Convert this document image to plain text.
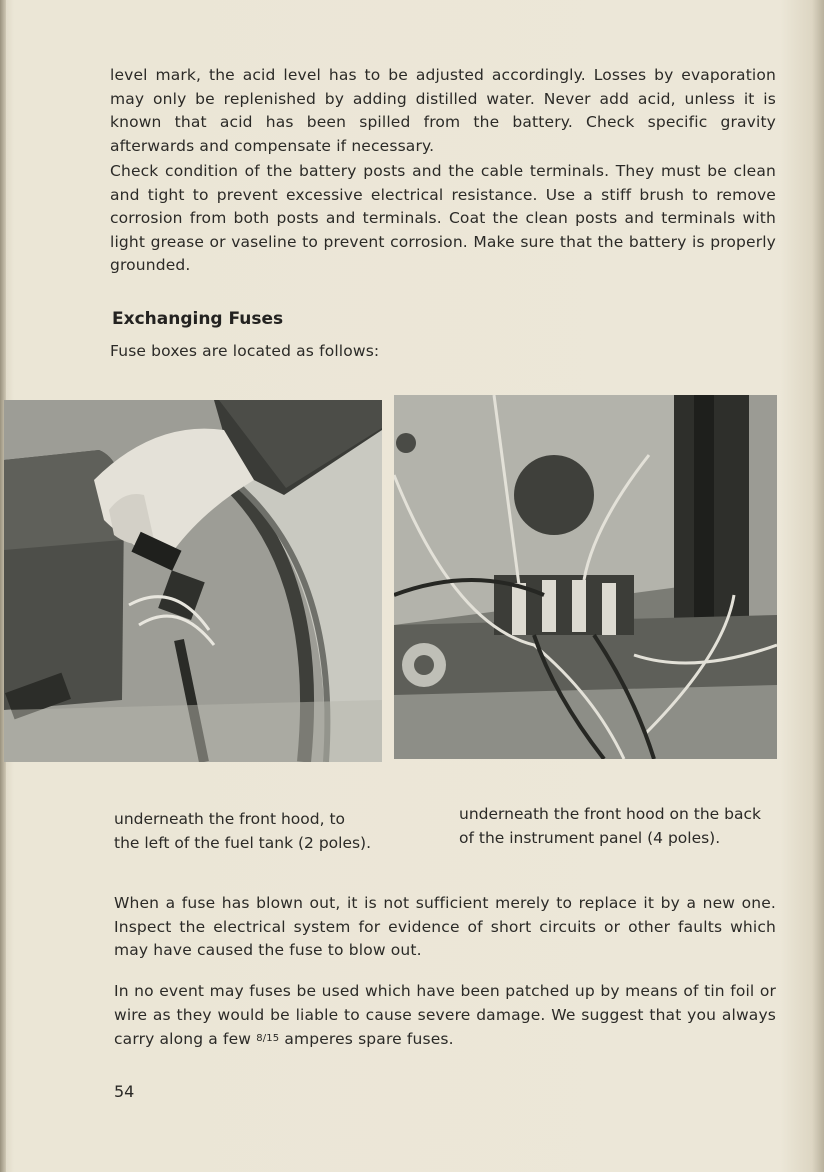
level mark, the acid level has to be adjusted accordingly. Losses by evaporation may only be replenished by adding distilled water. Never add acid, unless it is known that acid has been spilled from the battery. Check specific gravity afterwards and compensate if necessary.

Check condition of the battery posts and the cable terminals. They must be clean and tight to prevent excessive electrical resistance. Use a stiff brush to remove corrosion from both posts and terminals. Coat the clean posts and terminals with light grease or vaseline to prevent corrosion. Make sure that the battery is properly grounded.

Exchanging Fuses

Fuse boxes are located as follows:

underneath the front hood, to
the left of the fuel tank (2 poles).

underneath the front hood on the back
of the instrument panel (4 poles).

When a fuse has blown out, it is not sufficient merely to replace it by a new one. Inspect the electrical system for evidence of short circuits or other faults which may have caused the fuse to blow out.

In no event may fuses be used which have been patched up by means of tin foil or wire as they would be liable to cause severe damage. We suggest that you always carry along a few 8/15 amperes spare fuses.

54
